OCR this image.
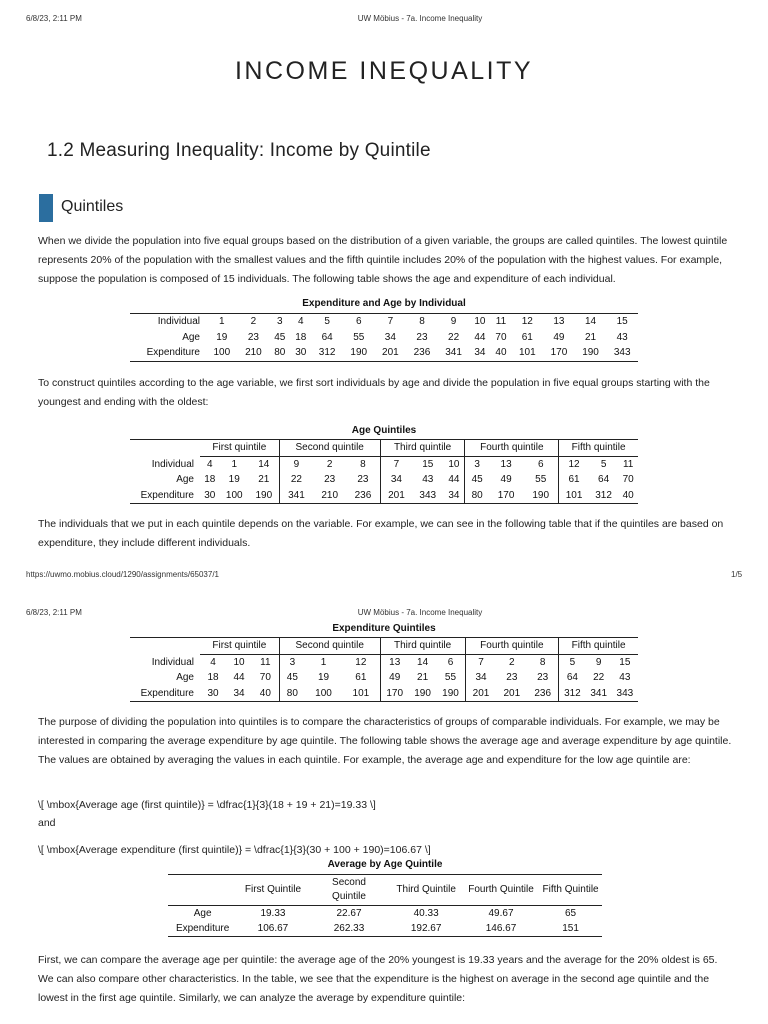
6/8/23, 2:11 PM	UW Möbius - 7a. Income Inequality
INCOME INEQUALITY
1.2 Measuring Inequality: Income by Quintile
Quintiles

When we divide the population into five equal groups based on the distribution of a given variable, the groups are called quintiles. The lowest quintile represents 20% of the population with the smallest values and the fifth quintile includes 20% of the population with the highest values. For example, suppose the population is composed of 15 individuals. The following table shows the age and expenditure of each individual.

Expenditure and Age by Individual
Individual	1	2	3	4	5	6	7	8	9	10	11	12	13	14	15
Age	19	23	45	18	64	55	34	23	22	44	70	61	49	21	43
Expenditure	100	210	80	30	312	190	201	236	341	34	40	101	170	190	343

To construct quintiles according to the age variable, we first sort individuals by age and divide the population in five equal groups starting with the youngest and ending with the oldest:

Age Quintiles
	First quintile			Second quintile			Third quintile			Fourth quintile			Fifth quintile		
Individual	4	1	14	9	2	8	7	15	10	3	13	6	12	5	11
Age	18	19	21	22	23	23	34	43	44	45	49	55	61	64	70
Expenditure	30	100	190	341	210	236	201	343	34	80	170	190	101	312	40

The individuals that we put in each quintile depends on the variable. For example, we can see in the following table that if the quintiles are based on expenditure, they include different individuals.

https://uwmo.mobius.cloud/1290/assignments/65037/1	1/5
6/8/23, 2:11 PM	UW Möbius - 7a. Income Inequality
Expenditure Quintiles
	First quintile			Second quintile			Third quintile			Fourth quintile			Fifth quintile		
Individual	4	10	11	3	1	12	13	14	6	7	2	8	5	9	15
Age	18	44	70	45	19	61	49	21	55	34	23	23	64	22	43
Expenditure	30	34	40	80	100	101	170	190	190	201	201	236	312	341	343

The purpose of dividing the population into quintiles is to compare the characteristics of groups of comparable individuals. For example, we may be interested in comparing the average expenditure by age quintile. The following table shows the average age and average expenditure by age quintile. The values are obtained by averaging the values in each quintile. For example, the average age and expenditure for the low age quintile are:

\[ \mbox{Average age (first quintile)} = \dfrac{1}{3}(18 + 19 + 21)=19.33 \]

and

\[ \mbox{Average expenditure (first quintile)} = \dfrac{1}{3}(30 + 100 + 190)=106.67 \]

Average by Age Quintile
	First Quintile	Second Quintile	Third Quintile	Fourth Quintile	Fifth Quintile
Age	19.33	22.67	40.33	49.67	65
Expenditure	106.67	262.33	192.67	146.67	151

First, we can compare the average age per quintile: the average age of the 20% youngest is 19.33 years and the average for the 20% oldest is 65. We can also compare other characteristics. In the table, we see that the expenditure is the highest on average in the second age quintile and the lowest in the first age quintile. Similarly, we can analyze the average by expenditure quintile:
